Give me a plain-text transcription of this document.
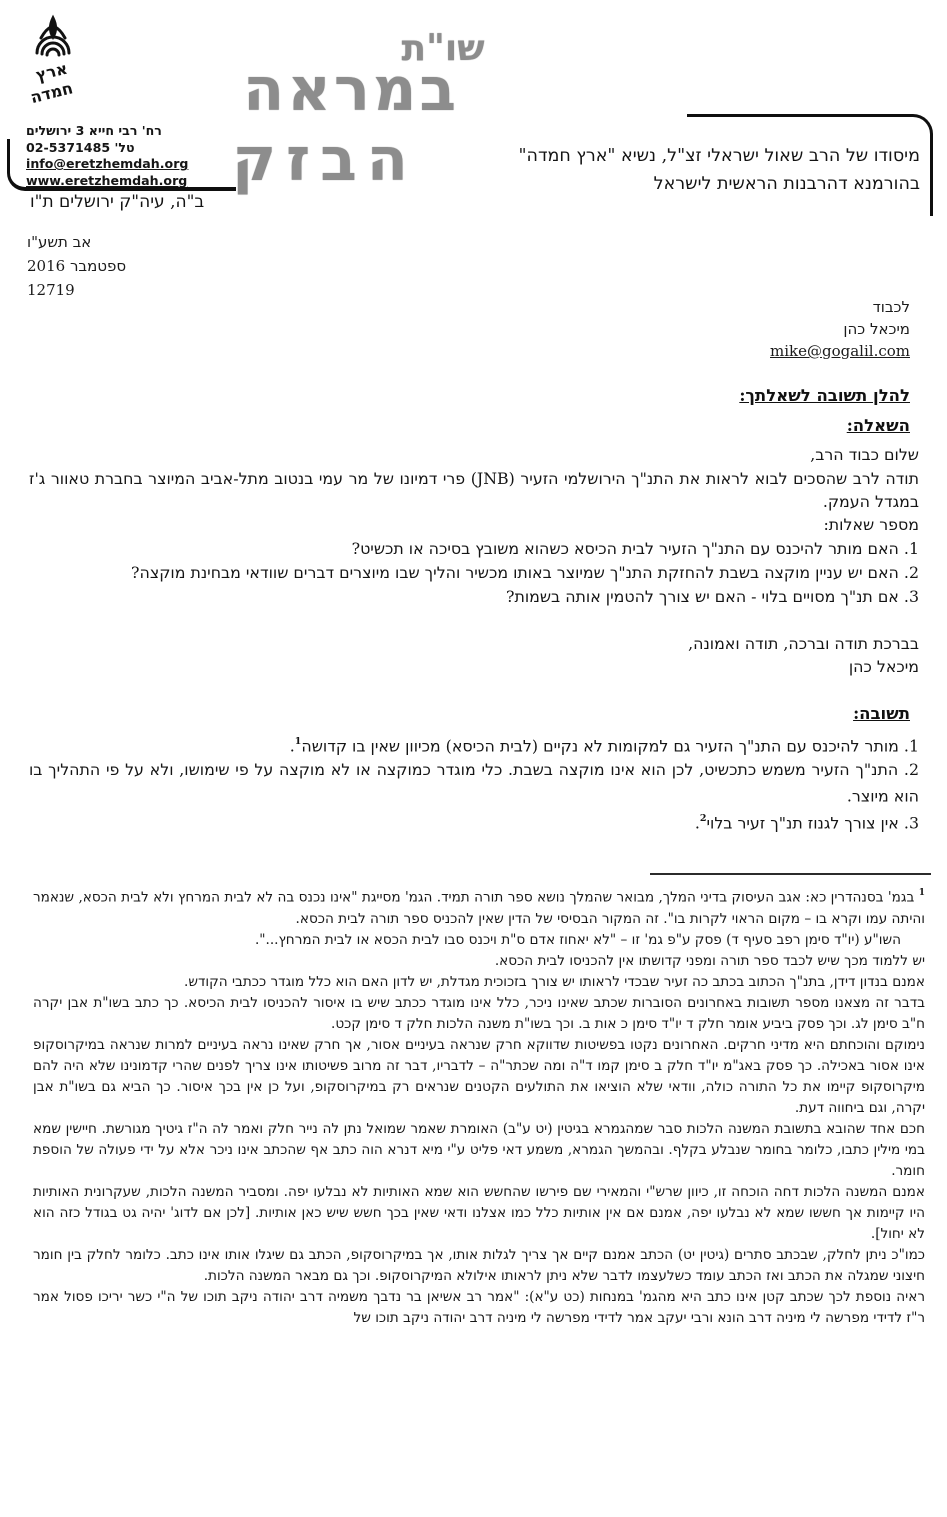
ארץ
חמדה
רח' רבי חייא 3 ירושלים
טל' 02-5371485
info@eretzhemdah.org
www.eretzhemdah.org
ב"ה, עיה"ק ירושלים ת"ו
שו"ת
במראה
הבזק	מיסודו של הרב שאול ישראלי זצ"ל, נשיא "ארץ חמדה"
בהורמנא דהרבנות הראשית לישראל
אב תשע"ו
ספטמבר 2016
12719
לכבוד
מיכאל כהן
mike@gogalil.com
להלן תשובה לשאלתך:
השאלה:

שלום כבוד הרב,

תודה לרב שהסכים לבוא לראות את התנ"ך הירושלמי הזעיר (JNB) פרי דמיונו של מר עמי בנטוב מתל-אביב המיוצר בחברת טאוור ג'ז במגדל העמק.

מספר שאלות:

1. האם מותר להיכנס עם התנ"ך הזעיר לבית הכיסא כשהוא משובץ בסיכה או תכשיט?

2. האם יש עניין מוקצה בשבת להחזקת התנ"ך שמיוצר באותו מכשיר והליך שבו מיוצרים דברים שוודאי מבחינת מוקצה?

3. אם תנ"ך מסויים בלוי - האם יש צורך להטמין אותה בשמות?

בברכת תודה וברכה, תודה ואמונה,

מיכאל כהן

תשובה:

1. מותר להיכנס עם התנ"ך הזעיר גם למקומות לא נקיים (לבית הכיסא) מכיוון שאין בו קדושה$^1$.

2. התנ"ך הזעיר משמש כתכשיט, לכן הוא אינו מוקצה בשבת. כלי מוגדר כמוקצה או לא מוקצה על פי שימושו, ולא על פי התהליך בו הוא מיוצר.

3. אין צורך לגנוז תנ"ך זעיר בלוי$^2$.

$^1$ בגמ' בסנהדרין כא: אגב העיסוק בדיני המלך, מבואר שהמלך נושא ספר תורה תמיד. הגמ' מסייגת "אינו נכנס בה לא לבית המרחץ ולא לבית הכסא, שנאמר והיתה עמו וקרא בו – מקום הראוי לקרות בו". זה המקור הבסיסי של הדין שאין להכניס ספר תורה לבית הכסא.

השו"ע (יו"ד סימן רפב סעיף ד) פסק ע"פ גמ' זו – "לא יאחוז אדם ס"ת ויכנס סבו לבית הכסא או לבית המרחץ...".

יש ללמוד מכך שיש לכבד ספר תורה ומפני קדושתו אין להכניסו לבית הכסא.

אמנם בנדון דידן, בתנ"ך הכתוב בכתב כה זעיר שבכדי לראותו יש צורך בזכוכית מגדלת, יש לדון האם הוא כלל מוגדר ככתבי הקודש.

בדבר זה מצאנו מספר תשובות באחרונים הסוברות שכתב שאינו ניכר, כלל אינו מוגדר ככתב שיש בו איסור להכניסו לבית הכיסא. כך כתב בשו"ת אבן יקרה ח"ב סימן לג. וכך פסק ביביע אומר חלק ד יו"ד סימן כ אות ב. וכך בשו"ת משנה הלכות חלק ד סימן קכט.

נימוקם והוכחתם היא מדיני חרקים. האחרונים נקטו בפשיטות שדווקא חרק שנראה בעיניים אסור, אך חרק שאינו נראה בעיניים למרות שנראה במיקרוסקופ אינו אסור באכילה. כך פסק באג"מ יו"ד חלק ב סימן קמו ד"ה ומה שכתר"ה – לדבריו, דבר זה מרוב פשיטותו אינו צריך לפנים שהרי קדמונינו שלא היה להם מיקרוסקופ קיימו את כל התורה כולה, וודאי שלא הוציאו את התולעים הקטנים שנראים רק במיקרוסקופ, ועל כן אין בכך איסור. כך הביא גם בשו"ת אבן יקרה, וגם ביחווה דעת.

חכם אחד שהובא בתשובת המשנה הלכות סבר שמהגמרא בגיטין (יט ע"ב) האומרת שאמר שמואל נתן לה נייר חלק ואמר לה ה"ז גיטיך מגורשת. חיישין שמא במי מילין כתבו, כלומר בחומר שנבלע בקלף. ובהמשך הגמרא, משמע דאי פליט ע"י מיא דנרא הוה כתב אף שהכתב אינו ניכר אלא על ידי פעולה של הוספת חומר.

אמנם המשנה הלכות דחה הוכחה זו, כיוון שרש"י והמאירי שם פירשו שהחשש הוא שמא האותיות לא נבלעו יפה. ומסביר המשנה הלכות, שעקרונית האותיות היו קיימות אך חששו שמא לא נבלעו יפה, אמנם אם אין אותיות כלל כמו אצלנו ודאי שאין בכך חשש שיש כאן אותיות. [לכן אם לדוג' יהיה גט בגודל כזה הוא לא יחול].

כמו"כ ניתן לחלק, שבכתב סתרים (גיטין יט) הכתב אמנם קיים אך צריך לגלות אותו, אך במיקרוסקופ, הכתב גם שיגלו אותו אינו כתב. כלומר לחלק בין חומר חיצוני שמגלה את הכתב ואז הכתב עומד כשלעצמו לדבר שלא ניתן לראותו אילולא המיקרוסקופ. וכך גם מבאר המשנה הלכות.

ראיה נוספת לכך שכתב קטן אינו כתב היא מהגמ' במנחות (כט ע"א): "אמר רב אשיאן בר נדבך משמיה דרב יהודה ניקב תוכו של ה"י כשר יריכו פסול אמר ר"ז לדידי מפרשה לי מיניה דרב הונא ורבי יעקב אמר לדידי מפרשה לי מיניה דרב יהודה ניקב תוכו של
